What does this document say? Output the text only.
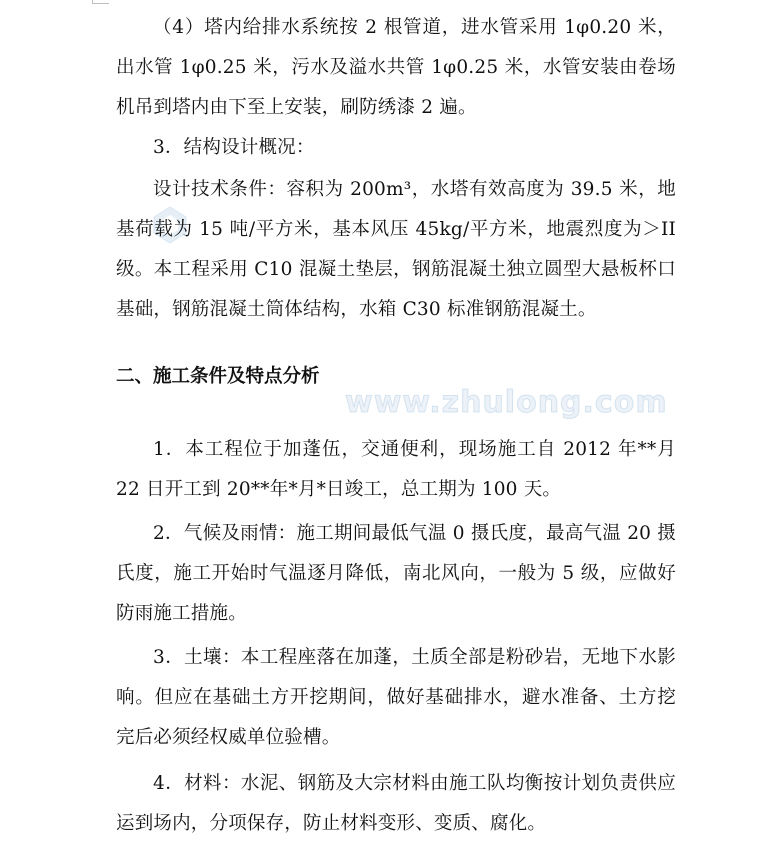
www.zhulong.com

（4）塔内给排水系统按 2 根管道，进水管采用 1φ0.20 米，出水管 1φ0.25 米，污水及溢水共管 1φ0.25 米，水管安装由卷场机吊到塔内由下至上安装，刷防绣漆 2 遍。

3．结构设计概况：

设计技术条件：容积为 200m³，水塔有效高度为 39.5 米，地基荷载为 15 吨/平方米，基本风压 45kg/平方米，地震烈度为＞II 级。本工程采用 C10 混凝土垫层，钢筋混凝土独立圆型大悬板杯口基础，钢筋混凝土筒体结构，水箱 C30 标准钢筋混凝土。

二、施工条件及特点分析

1．本工程位于加蓬伍，交通便利，现场施工自 2012 年**月 22 日开工到 20**年*月*日竣工，总工期为 100 天。

2．气候及雨情：施工期间最低气温 0 摄氏度，最高气温 20 摄氏度，施工开始时气温逐月降低，南北风向，一般为 5 级，应做好防雨施工措施。

3．土壤：本工程座落在加蓬，土质全部是粉砂岩，无地下水影响。但应在基础土方开挖期间，做好基础排水，避水准备、土方挖完后必须经权威单位验槽。

4．材料：水泥、钢筋及大宗材料由施工队均衡按计划负责供应运到场内，分项保存，防止材料变形、变质、腐化。
